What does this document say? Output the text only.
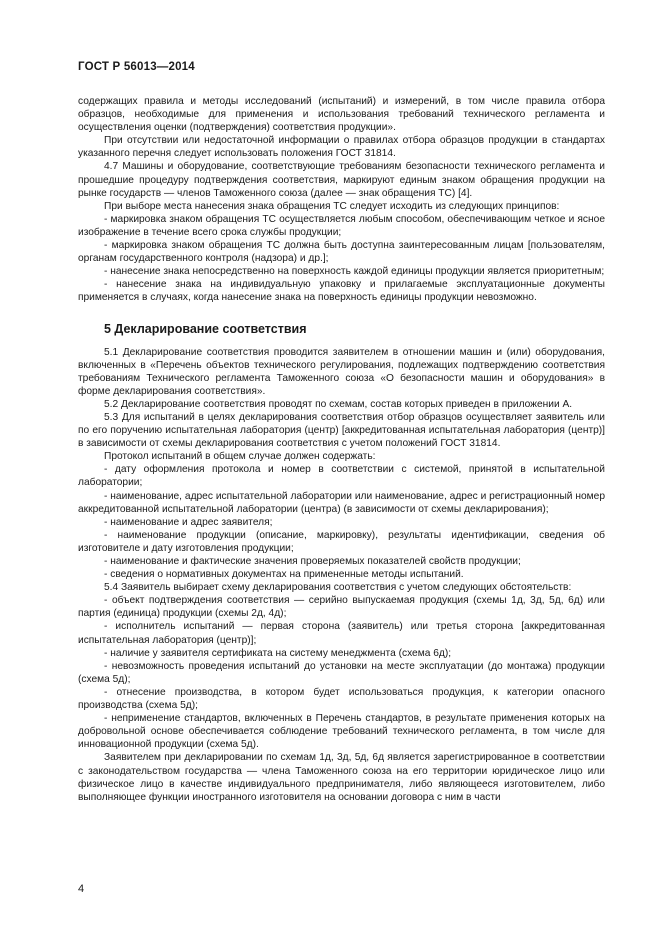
ГОСТ Р 56013—2014

содержащих правила и методы исследований (испытаний) и измерений, в том числе правила отбора образцов, необходимые для применения и использования требований технического регламента и осуществления оценки (подтверждения) соответствия продукции».

При отсутствии или недостаточной информации о правилах отбора образцов продукции в стандартах указанного перечня следует использовать положения ГОСТ 31814.

4.7 Машины и оборудование, соответствующие требованиям безопасности технического регламента и прошедшие процедуру подтверждения соответствия, маркируют единым знаком обращения продукции на рынке государств — членов Таможенного союза (далее — знак обращения ТС) [4].

При выборе места нанесения знака обращения ТС следует исходить из следующих принципов:

- маркировка знаком обращения ТС осуществляется любым способом, обеспечивающим четкое и ясное изображение в течение всего срока службы продукции;

- маркировка знаком обращения ТС должна быть доступна заинтересованным лицам [пользователям, органам государственного контроля (надзора) и др.];

- нанесение знака непосредственно на поверхность каждой единицы продукции является приоритетным;

- нанесение знака на индивидуальную упаковку и прилагаемые эксплуатационные документы применяется в случаях, когда нанесение знака на поверхность единицы продукции невозможно.

5 Декларирование соответствия

5.1 Декларирование соответствия проводится заявителем в отношении машин и (или) оборудования, включенных в «Перечень объектов технического регулирования, подлежащих подтверждению соответствия требованиям Технического регламента Таможенного союза «О безопасности машин и оборудования» в форме декларирования соответствия».

5.2 Декларирование соответствия проводят по схемам, состав которых приведен в приложении А.

5.3 Для испытаний в целях декларирования соответствия отбор образцов осуществляет заявитель или по его поручению испытательная лаборатория (центр) [аккредитованная испытательная лаборатория (центр)] в зависимости от схемы декларирования соответствия с учетом положений ГОСТ 31814.

Протокол испытаний в общем случае должен содержать:

- дату оформления протокола и номер в соответствии с системой, принятой в испытательной лаборатории;

- наименование, адрес испытательной лаборатории или наименование, адрес и регистрационный номер аккредитованной испытательной лаборатории (центра) (в зависимости от схемы декларирования);

- наименование и адрес заявителя;

- наименование продукции (описание, маркировку), результаты идентификации, сведения об изготовителе и дату изготовления продукции;

- наименование и фактические значения проверяемых показателей свойств продукции;

- сведения о нормативных документах на примененные методы испытаний.

5.4 Заявитель выбирает схему декларирования соответствия с учетом следующих обстоятельств:

- объект подтверждения соответствия — серийно выпускаемая продукция (схемы 1д, 3д, 5д, 6д) или партия (единица) продукции (схемы 2д, 4д);

- исполнитель испытаний — первая сторона (заявитель) или третья сторона [аккредитованная испытательная лаборатория (центр)];

- наличие у заявителя сертификата на систему менеджмента (схема 6д);

- невозможность проведения испытаний до установки на месте эксплуатации (до монтажа) продукции (схема 5д);

- отнесение производства, в котором будет использоваться продукция, к категории опасного производства (схема 5д);

- неприменение стандартов, включенных в Перечень стандартов, в результате применения которых на добровольной основе обеспечивается соблюдение требований технического регламента, в том числе для инновационной продукции (схема 5д).

Заявителем при декларировании по схемам 1д, 3д, 5д, 6д является зарегистрированное в соответствии с законодательством государства — члена Таможенного союза на его территории юридическое лицо или физическое лицо в качестве индивидуального предпринимателя, либо являющееся изготовителем, либо выполняющее функции иностранного изготовителя на основании договора с ним в части

4
